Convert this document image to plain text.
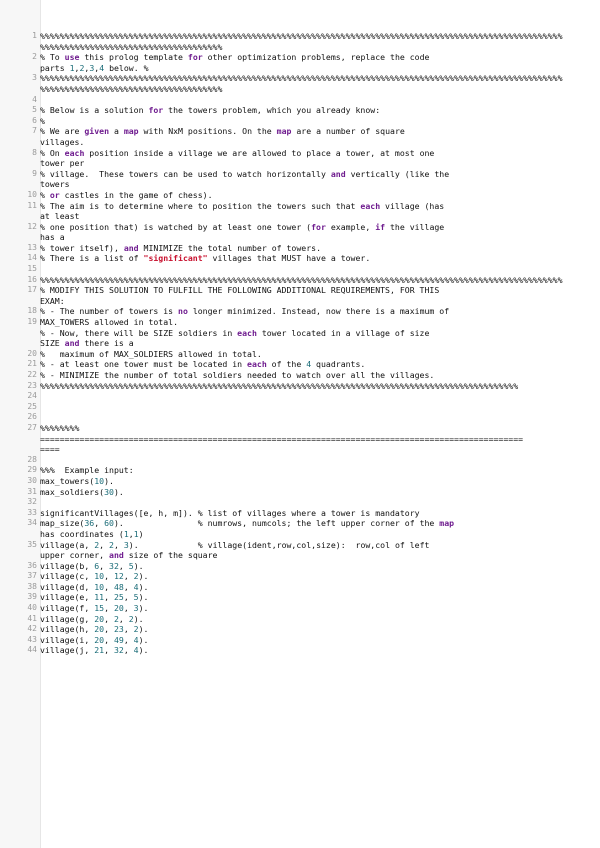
1 %%%%%%%%%%%%%%%%%%%%%%%%%%%%%%%%%%%%%%%%%%%%%%%%%%%%%%%%%%%%%%%%%%%%%%%%%%%%%%%%%%%%%%%%%%%%%%%%%%%%%%%%%%
%%%%%%%%%%%%%%%%%%%%%%%%%%%%%%%%%%%%%
2 % To use this prolog template for other optimization problems, replace the code
parts 1,2,3,4 below. %
3 %%%%%%%%%%%%%%%%%%%%%%%%%%%%%%%%%%%%%%%%%%%%%%%%%%%%%%%%%%%%%%%%%%%%%%%%%%%%%%%%%%%%%%%%%%%%%%%%%%%%%%%%%%
%%%%%%%%%%%%%%%%%%%%%%%%%%%%%%%%%%%%%
4
5 % Below is a solution for the towers problem, which you already know:
6 %
7 % We are given a map with NxM positions. On the map are a number of square
villages.
8 % On each position inside a village we are allowed to place a tower, at most one
tower per
9 % village.  These towers can be used to watch horizontally and vertically (like the
towers
10 % or castles in the game of chess).
11 % The aim is to determine where to position the towers such that each village (has
at least
12 % one position that) is watched by at least one tower (for example, if the village
has a
13 % tower itself), and MINIMIZE the total number of towers.
14 % There is a list of "significant" villages that MUST have a tower.
15
16 %%%%%%%%%%%%%%%%%%%%%%%%%%%%%%%%%%%%%%%%%%%%%%%%%%%%%%%%%%%%%%%%%%%%%%%%%%%%%%%%%%%%%%%%%%%%%%%%%%%%%%%%%%
17 % MODIFY THIS SOLUTION TO FULFILL THE FOLLOWING ADDITIONAL REQUIREMENTS, FOR THIS
EXAM:
18 % - The number of towers is no longer minimized. Instead, now there is a maximum of
19 MAX_TOWERS allowed in total.
% - Now, there will be SIZE soldiers in each tower located in a village of size
SIZE and there is a
20 %   maximum of MAX_SOLDIERS allowed in total.
21 % - at least one tower must be located in each of the 4 quadrants.
22 % - MINIMIZE the number of total soldiers needed to watch over all the villages.
23 %%%%%%%%%%%%%%%%%%%%%%%%%%%%%%%%%%%%%%%%%%%%%%%%%%%%%%%%%%%%%%%%%%%%%%%%%%%%%%%%%%%%%%%%%%%%%%%%%
24
25
26
27 %%%%%%%%
==================================================================================================
====
28
29 %%%  Example input:
30 max_towers(10).
31 max_soldiers(30).
32
33 significantVillages([e, h, m]). % list of villages where a tower is mandatory
34 map_size(36, 60).               % numrows, numcols; the left upper corner of the map
has coordinates (1,1)
35 village(a, 2, 2, 3).            % village(ident,row,col,size):  row,col of left
upper corner, and size of the square
36 village(b, 6, 32, 5).
37 village(c, 10, 12, 2).
38 village(d, 10, 48, 4).
39 village(e, 11, 25, 5).
40 village(f, 15, 20, 3).
41 village(g, 20, 2, 2).
42 village(h, 20, 23, 2).
43 village(i, 20, 49, 4).
44 village(j, 21, 32, 4).
